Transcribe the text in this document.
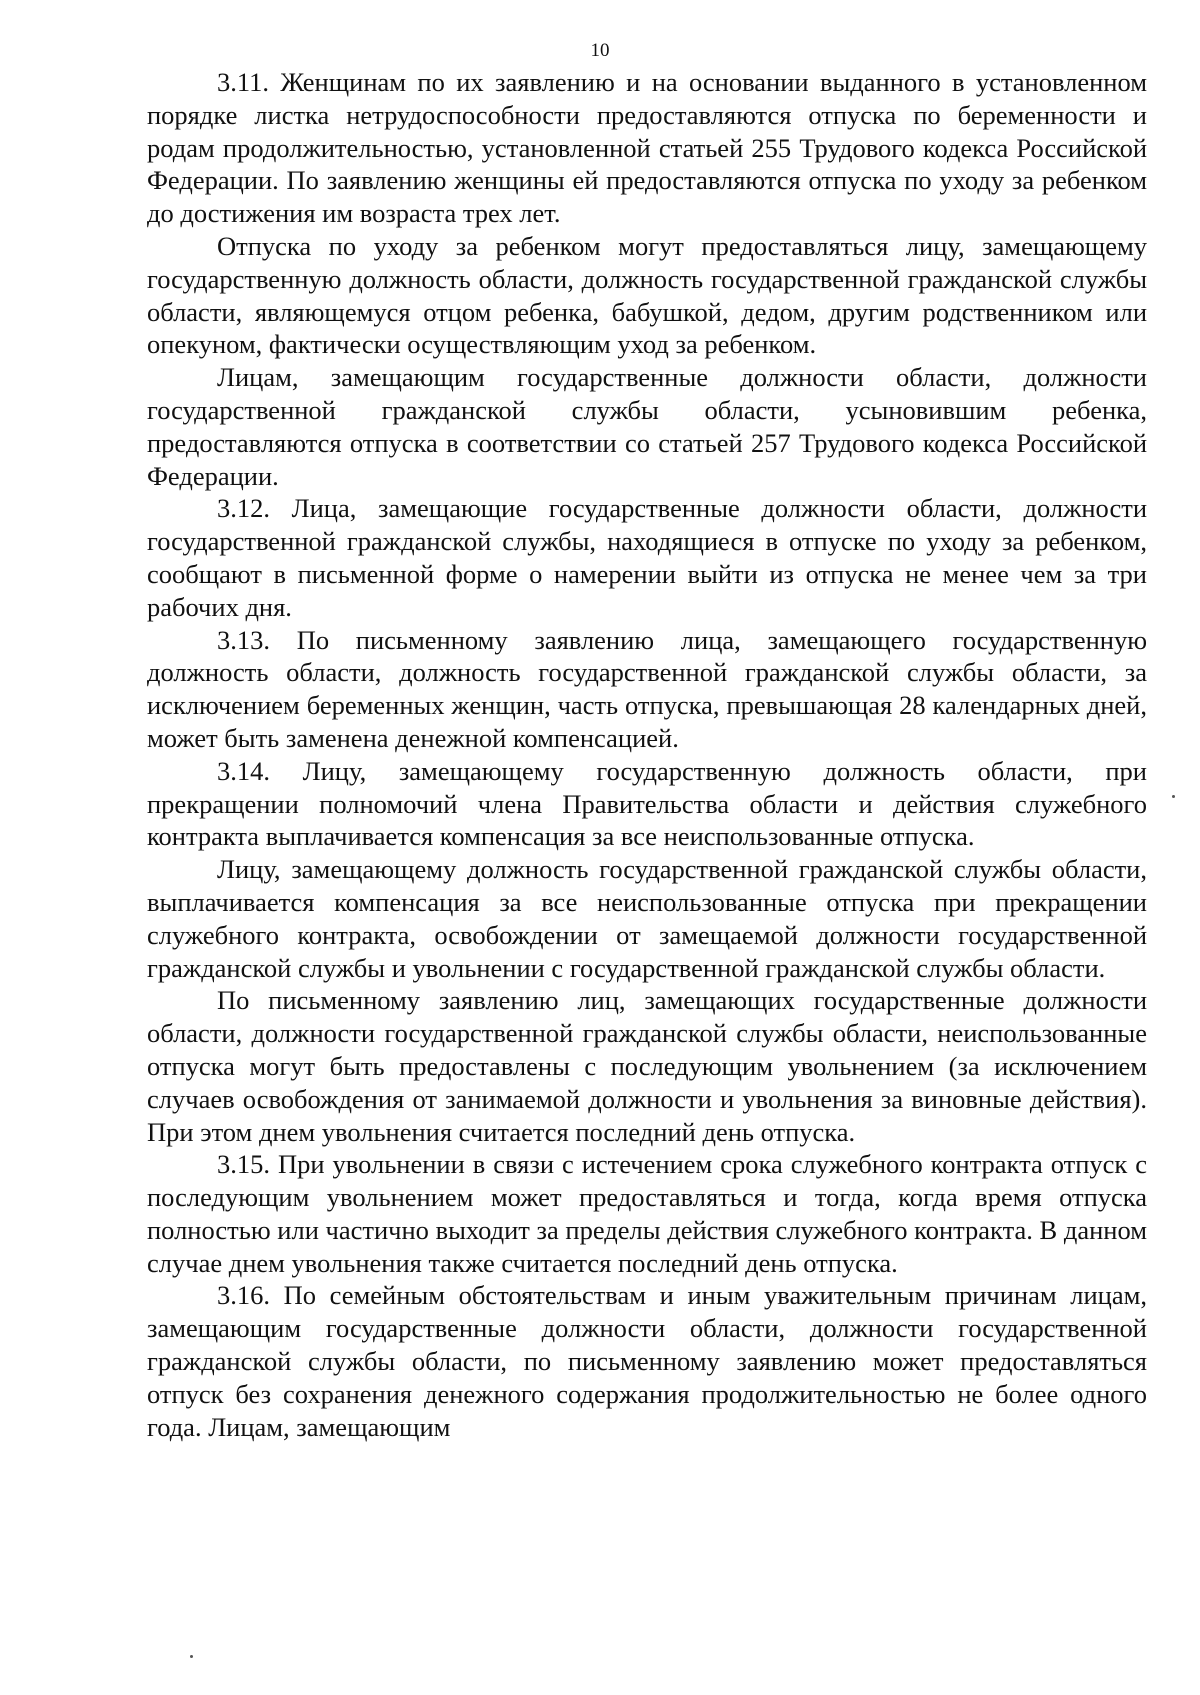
10

3.11. Женщинам по их заявлению и на основании выданного в установленном порядке листка нетрудоспособности предоставляются отпуска по беременности и родам продолжительностью, установленной статьей 255 Трудового кодекса Российской Федерации. По заявлению женщины ей предоставляются отпуска по уходу за ребенком до достижения им возраста трех лет.

Отпуска по уходу за ребенком могут предоставляться лицу, замещающему государственную должность области, должность государственной гражданской службы области, являющемуся отцом ребенка, бабушкой, дедом, другим родственником или опекуном, фактически осуществляющим уход за ребенком.

Лицам, замещающим государственные должности области, должности государственной гражданской службы области, усыновившим ребенка, предоставляются отпуска в соответствии со статьей 257 Трудового кодекса Российской Федерации.

3.12. Лица, замещающие государственные должности области, должности государственной гражданской службы, находящиеся в отпуске по уходу за ребенком, сообщают в письменной форме о намерении выйти из отпуска не менее чем за три рабочих дня.

3.13. По письменному заявлению лица, замещающего государственную должность области, должность государственной гражданской службы области, за исключением беременных женщин, часть отпуска, превышающая 28 календарных дней, может быть заменена денежной компенсацией.

3.14. Лицу, замещающему государственную должность области, при прекращении полномочий члена Правительства области и действия служебного контракта выплачивается компенсация за все неиспользованные отпуска.

Лицу, замещающему должность государственной гражданской службы области, выплачивается компенсация за все неиспользованные отпуска при прекращении служебного контракта, освобождении от замещаемой должности государственной гражданской службы и увольнении с государственной гражданской службы области.

По письменному заявлению лиц, замещающих государственные должности области, должности государственной гражданской службы области, неиспользованные отпуска могут быть предоставлены с последующим увольнением (за исключением случаев освобождения от занимаемой должности и увольнения за виновные действия). При этом днем увольнения считается последний день отпуска.

3.15. При увольнении в связи с истечением срока служебного контракта отпуск с последующим увольнением может предоставляться и тогда, когда время отпуска полностью или частично выходит за пределы действия служебного контракта. В данном случае днем увольнения также считается последний день отпуска.

3.16. По семейным обстоятельствам и иным уважительным причинам лицам, замещающим государственные должности области, должности государственной гражданской службы области, по письменному заявлению может предоставляться отпуск без сохранения денежного содержания продолжительностью не более одного года. Лицам, замещающим
